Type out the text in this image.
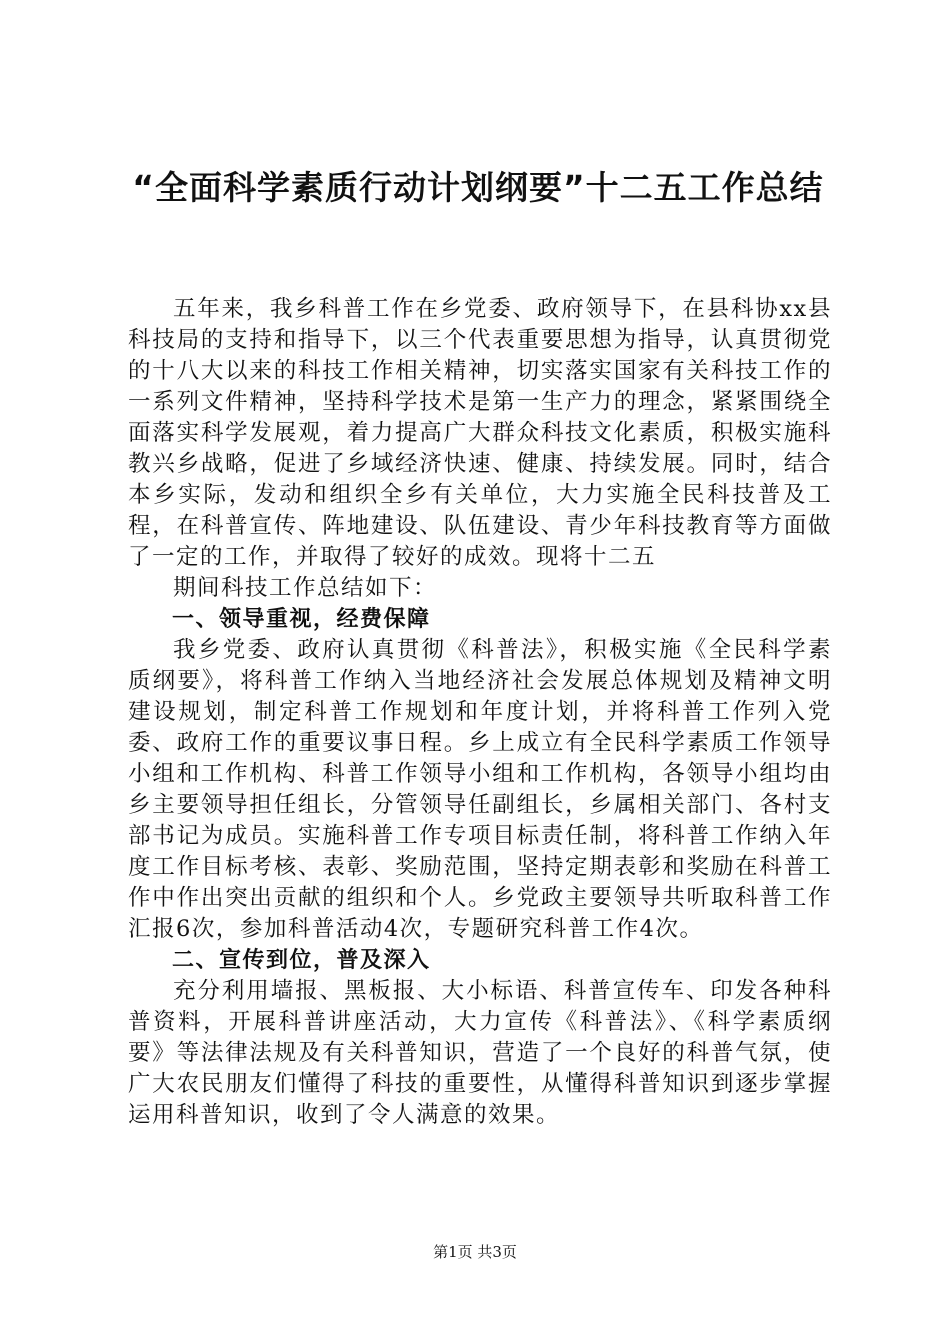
“全面科学素质行动计划纲要”十二五工作总结

五年来，我乡科普工作在乡党委、政府领导下，在县科协xx县科技局的支持和指导下，以三个代表重要思想为指导，认真贯彻党的十八大以来的科技工作相关精神，切实落实国家有关科技工作的一系列文件精神，坚持科学技术是第一生产力的理念，紧紧围绕全面落实科学发展观，着力提高广大群众科技文化素质，积极实施科教兴乡战略，促进了乡域经济快速、健康、持续发展。同时，结合本乡实际，发动和组织全乡有关单位，大力实施全民科技普及工程，在科普宣传、阵地建设、队伍建设、青少年科技教育等方面做了一定的工作，并取得了较好的成效。现将十二五

期间科技工作总结如下：

一、领导重视，经费保障

我乡党委、政府认真贯彻《科普法》，积极实施《全民科学素质纲要》，将科普工作纳入当地经济社会发展总体规划及精神文明建设规划，制定科普工作规划和年度计划，并将科普工作列入党委、政府工作的重要议事日程。乡上成立有全民科学素质工作领导小组和工作机构、科普工作领导小组和工作机构，各领导小组均由乡主要领导担任组长，分管领导任副组长，乡属相关部门、各村支部书记为成员。实施科普工作专项目标责任制，将科普工作纳入年度工作目标考核、表彰、奖励范围，坚持定期表彰和奖励在科普工作中作出突出贡献的组织和个人。乡党政主要领导共听取科普工作汇报6次，参加科普活动4次，专题研究科普工作4次。

二、宣传到位，普及深入

充分利用墙报、黑板报、大小标语、科普宣传车、印发各种科普资料，开展科普讲座活动，大力宣传《科普法》、《科学素质纲要》等法律法规及有关科普知识，营造了一个良好的科普气氛，使广大农民朋友们懂得了科技的重要性，从懂得科普知识到逐步掌握运用科普知识，收到了令人满意的效果。

第1页 共3页
